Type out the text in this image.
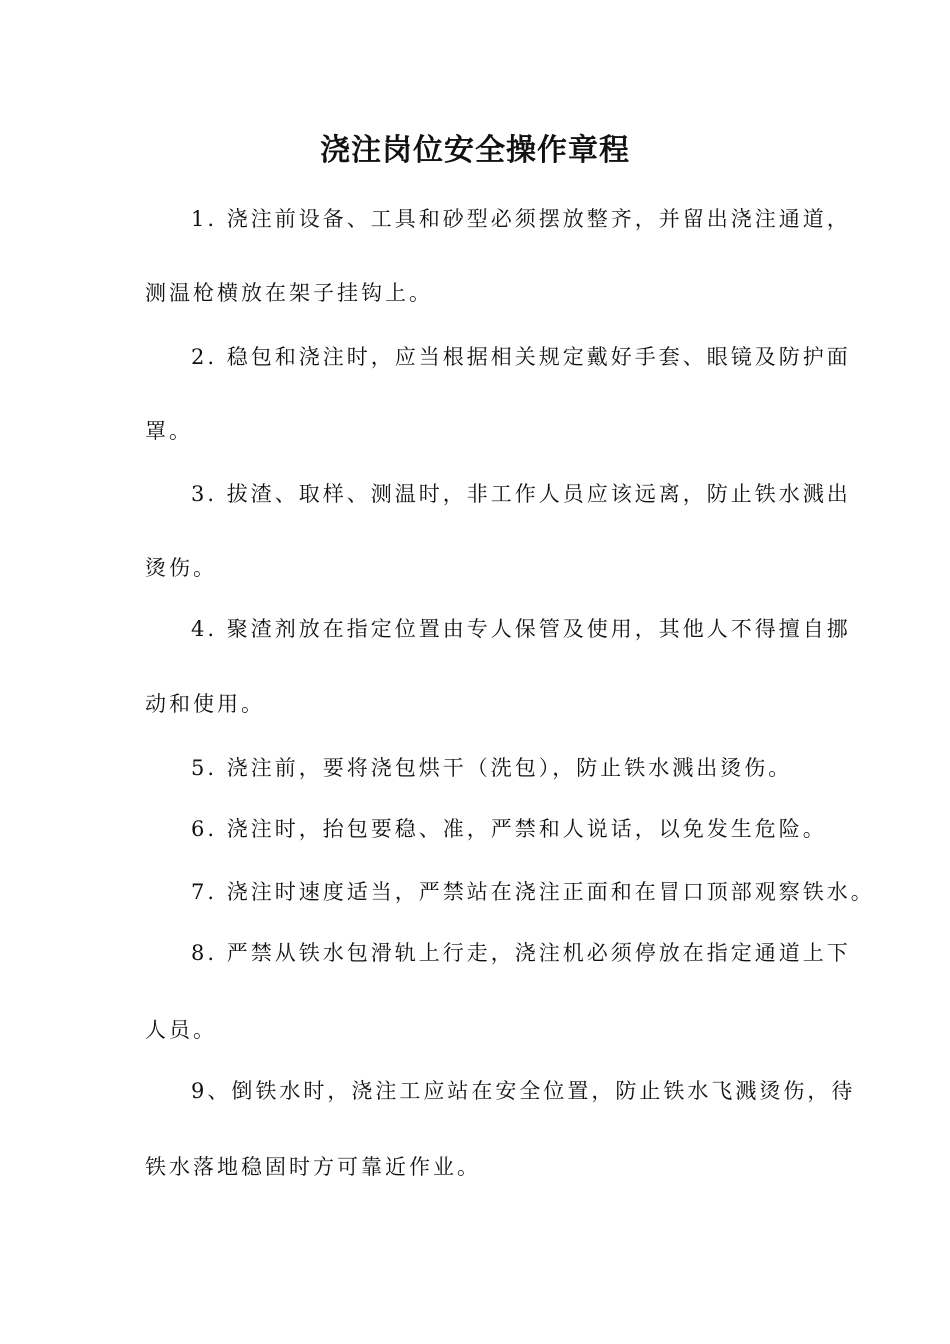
浇注岗位安全操作章程
1. 浇注前设备、工具和砂型必须摆放整齐，并留出浇注通道，
测温枪横放在架子挂钩上。
2. 稳包和浇注时，应当根据相关规定戴好手套、眼镜及防护面
罩。
3. 拔渣、取样、测温时，非工作人员应该远离，防止铁水溅出
烫伤。
4. 聚渣剂放在指定位置由专人保管及使用，其他人不得擅自挪
动和使用。
5. 浇注前，要将浇包烘干（洗包），防止铁水溅出烫伤。
6. 浇注时，抬包要稳、准，严禁和人说话，以免发生危险。
7. 浇注时速度适当，严禁站在浇注正面和在冒口顶部观察铁水。
8. 严禁从铁水包滑轨上行走，浇注机必须停放在指定通道上下
人员。
9、倒铁水时，浇注工应站在安全位置，防止铁水飞溅烫伤，待
铁水落地稳固时方可靠近作业。
